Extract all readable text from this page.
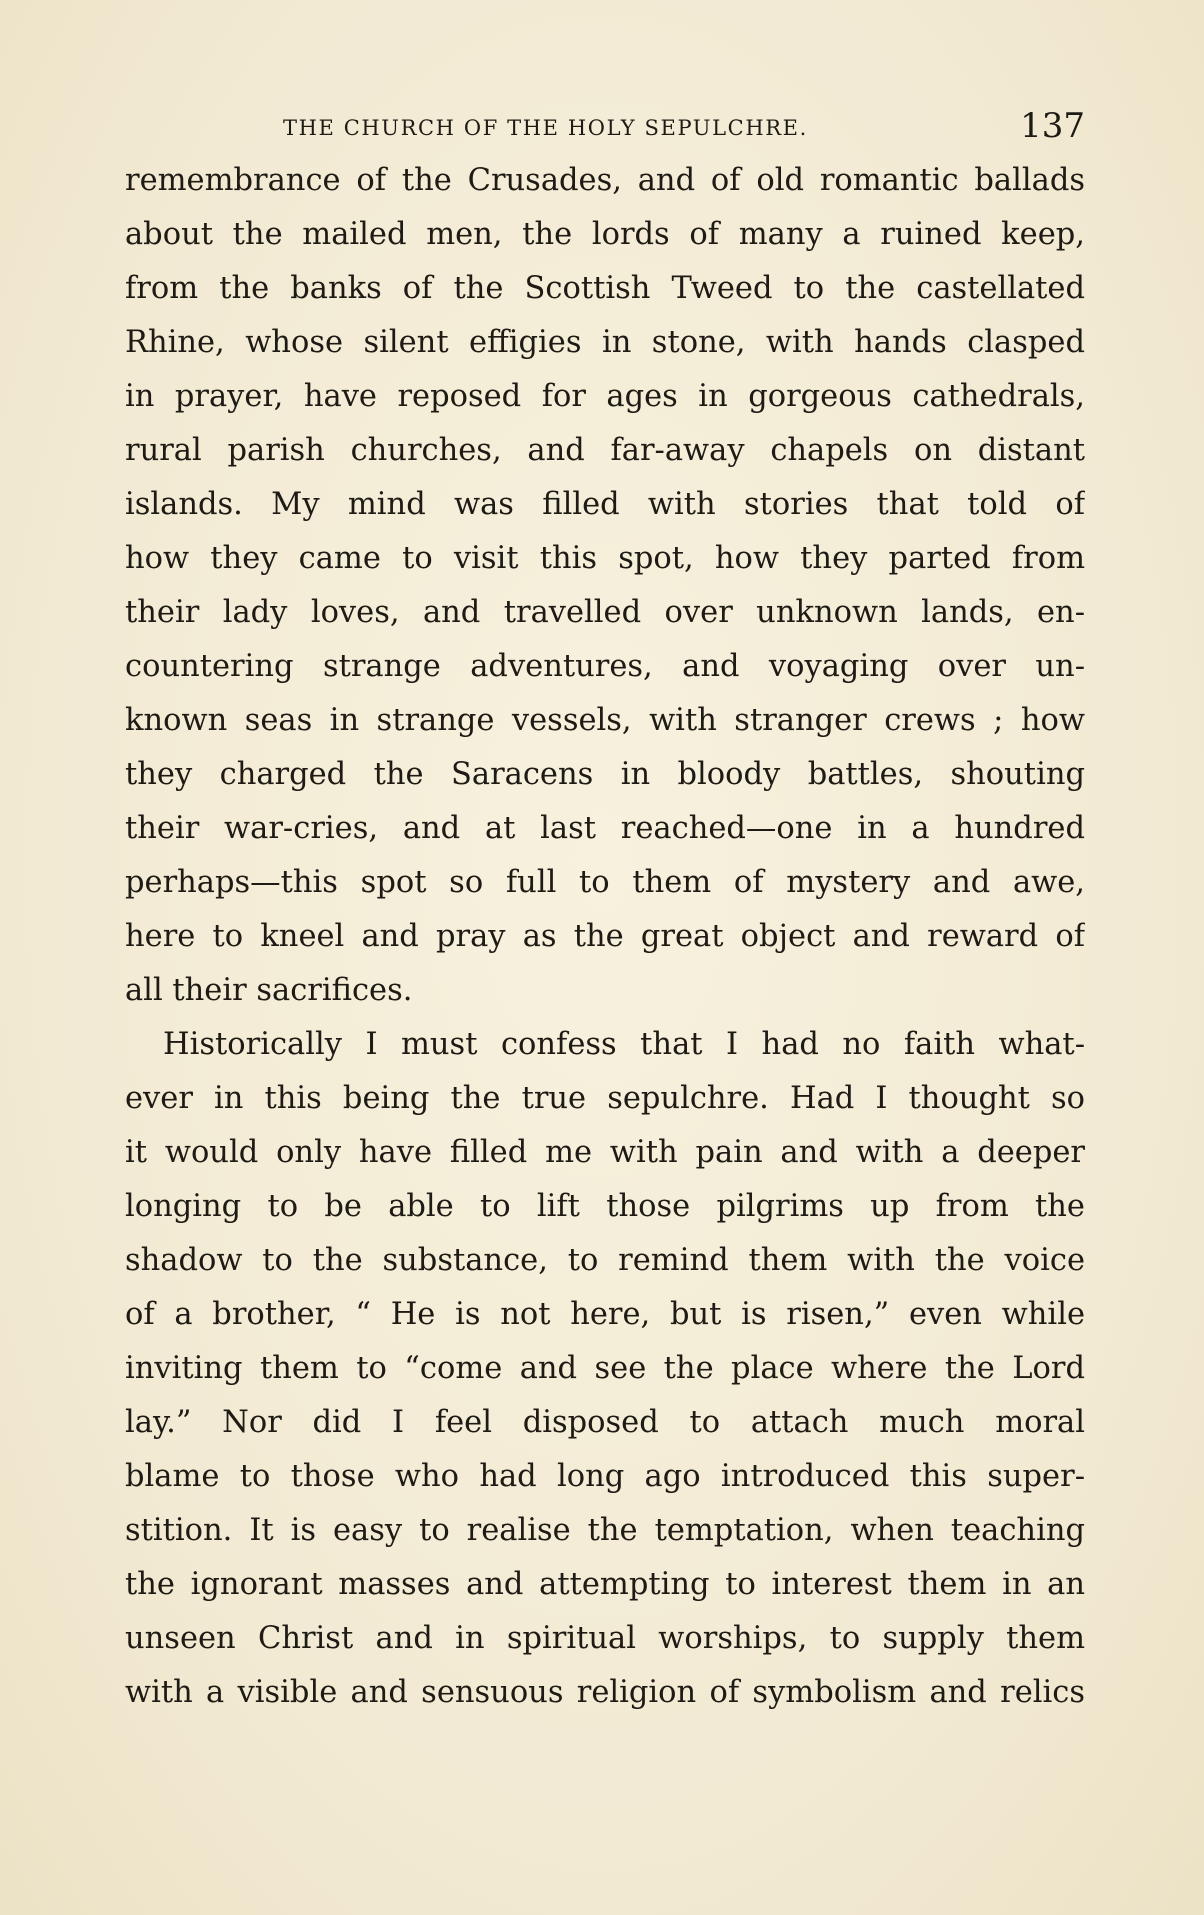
THE CHURCH OF THE HOLY SEPULCHRE.	137
remembrance of the Crusades, and of old romantic ballads
about the mailed men, the lords of many a ruined keep,
from the banks of the Scottish Tweed to the castellated
Rhine, whose silent effigies in stone, with hands clasped
in prayer, have reposed for ages in gorgeous cathedrals,
rural parish churches, and far-away chapels on distant
islands. My mind was filled with stories that told of
how they came to visit this spot, how they parted from
their lady loves, and travelled over unknown lands, en-
countering strange adventures, and voyaging over un-
known seas in strange vessels, with stranger crews ; how
they charged the Saracens in bloody battles, shouting
their war-cries, and at last reached—one in a hundred
perhaps—this spot so full to them of mystery and awe,
here to kneel and pray as the great object and reward of
all their sacrifices.
Historically I must confess that I had no faith what-
ever in this being the true sepulchre. Had I thought so
it would only have filled me with pain and with a deeper
longing to be able to lift those pilgrims up from the
shadow to the substance, to remind them with the voice
of a brother, “ He is not here, but is risen,” even while
inviting them to “come and see the place where the Lord
lay.” Nor did I feel disposed to attach much moral
blame to those who had long ago introduced this super-
stition. It is easy to realise the temptation, when teaching
the ignorant masses and attempting to interest them in an
unseen Christ and in spiritual worships, to supply them
with a visible and sensuous religion of symbolism and relics
